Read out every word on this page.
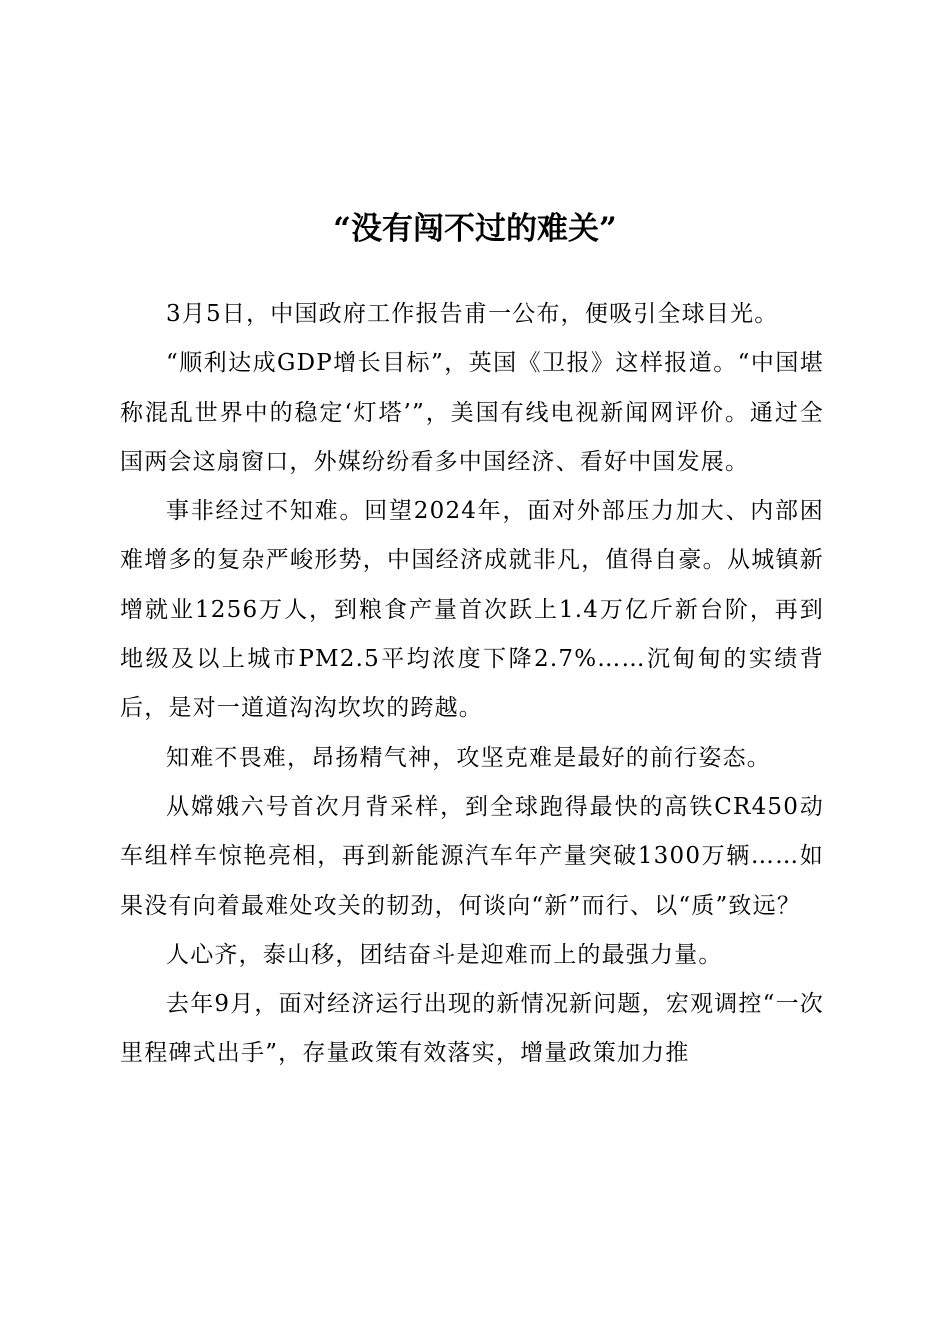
“没有闯不过的难关”

3月5日，中国政府工作报告甫一公布，便吸引全球目光。

“顺利达成GDP增长目标”，英国《卫报》这样报道。“中国堪称混乱世界中的稳定‘灯塔’”，美国有线电视新闻网评价。通过全国两会这扇窗口，外媒纷纷看多中国经济、看好中国发展。

事非经过不知难。回望2024年，面对外部压力加大、内部困难增多的复杂严峻形势，中国经济成就非凡，值得自豪。从城镇新增就业1256万人，到粮食产量首次跃上1.4万亿斤新台阶，再到地级及以上城市PM2.5平均浓度下降2.7%……沉甸甸的实绩背后，是对一道道沟沟坎坎的跨越。

知难不畏难，昂扬精气神，攻坚克难是最好的前行姿态。

从嫦娥六号首次月背采样，到全球跑得最快的高铁CR450动车组样车惊艳亮相，再到新能源汽车年产量突破1300万辆……如果没有向着最难处攻关的韧劲，何谈向“新”而行、以“质”致远？

人心齐，泰山移，团结奋斗是迎难而上的最强力量。

去年9月，面对经济运行出现的新情况新问题，宏观调控“一次里程碑式出手”，存量政策有效落实，增量政策加力推
